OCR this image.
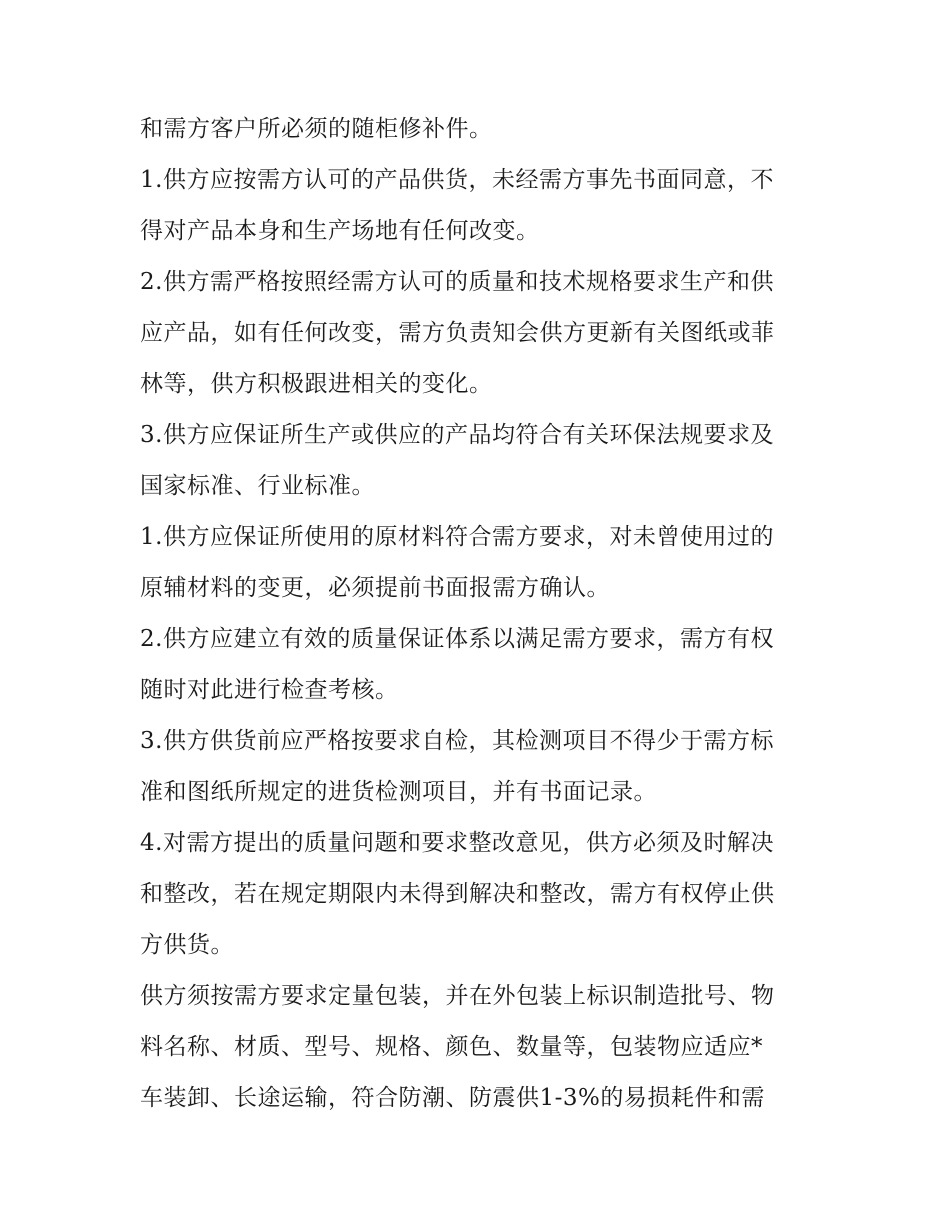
和需方客户所必须的随柜修补件。
1.供方应按需方认可的产品供货，未经需方事先书面同意，不
得对产品本身和生产场地有任何改变。
2.供方需严格按照经需方认可的质量和技术规格要求生产和供
应产品，如有任何改变，需方负责知会供方更新有关图纸或菲
林等，供方积极跟进相关的变化。
3.供方应保证所生产或供应的产品均符合有关环保法规要求及
国家标准、行业标准。
1.供方应保证所使用的原材料符合需方要求，对未曾使用过的
原辅材料的变更，必须提前书面报需方确认。
2.供方应建立有效的质量保证体系以满足需方要求，需方有权
随时对此进行检查考核。
3.供方供货前应严格按要求自检，其检测项目不得少于需方标
准和图纸所规定的进货检测项目，并有书面记录。
4.对需方提出的质量问题和要求整改意见，供方必须及时解决
和整改，若在规定期限内未得到解决和整改，需方有权停止供
方供货。
供方须按需方要求定量包装，并在外包装上标识制造批号、物
料名称、材质、型号、规格、颜色、数量等，包装物应适应*
车装卸、长途运输，符合防潮、防震供1-3%的易损耗件和需
